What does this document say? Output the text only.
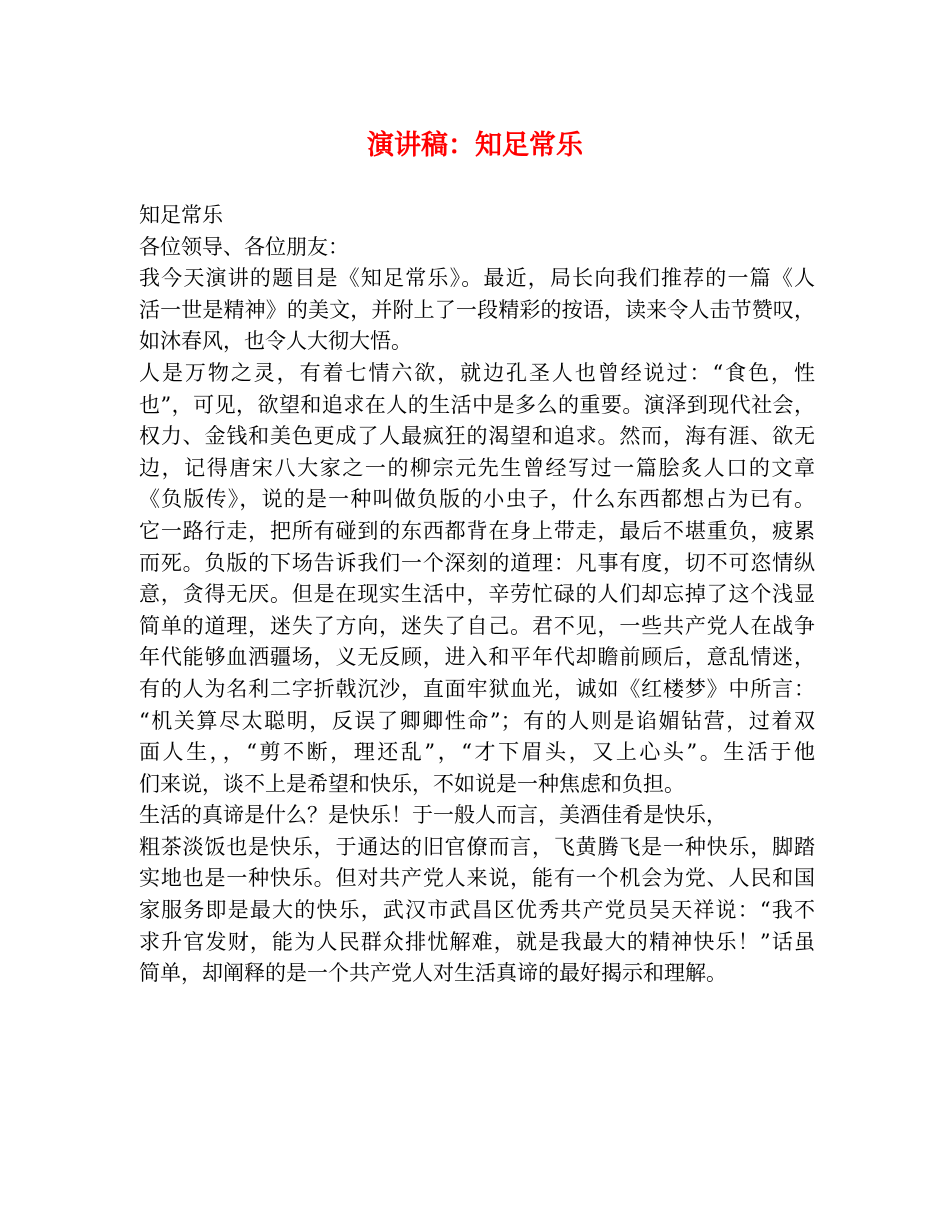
演讲稿：知足常乐
知足常乐
各位领导、各位朋友：
我今天演讲的题目是《知足常乐》。最近，局长向我们推荐的一篇《人
活一世是精神》的美文，并附上了一段精彩的按语，读来令人击节赞叹，
如沐春风，也令人大彻大悟。
人是万物之灵，有着七情六欲，就边孔圣人也曾经说过：“食色，性
也”，可见，欲望和追求在人的生活中是多么的重要。演泽到现代社会，
权力、金钱和美色更成了人最疯狂的渴望和追求。然而，海有涯、欲无
边，记得唐宋八大家之一的柳宗元先生曾经写过一篇脍炙人口的文章
《负版传》，说的是一种叫做负版的小虫子，什么东西都想占为已有。
它一路行走，把所有碰到的东西都背在身上带走，最后不堪重负，疲累
而死。负版的下场告诉我们一个深刻的道理：凡事有度，切不可恣情纵
意，贪得无厌。但是在现实生活中，辛劳忙碌的人们却忘掉了这个浅显
简单的道理，迷失了方向，迷失了自己。君不见，一些共产党人在战争
年代能够血洒疆场，义无反顾，进入和平年代却瞻前顾后，意乱情迷，
有的人为名利二字折戟沉沙，直面牢狱血光，诚如《红楼梦》中所言：
“机关算尽太聪明，反误了卿卿性命”；有的人则是谄媚钻营，过着双
面人生，，“剪不断，理还乱”，“才下眉头，又上心头”。生活于他
们来说，谈不上是希望和快乐，不如说是一种焦虑和负担。
生活的真谛是什么？是快乐！于一般人而言，美酒佳肴是快乐，
粗茶淡饭也是快乐，于通达的旧官僚而言，飞黄腾飞是一种快乐，脚踏
实地也是一种快乐。但对共产党人来说，能有一个机会为党、人民和国
家服务即是最大的快乐，武汉市武昌区优秀共产党员吴天祥说：“我不
求升官发财，能为人民群众排忧解难，就是我最大的精神快乐！”话虽
简单，却阐释的是一个共产党人对生活真谛的最好揭示和理解。
